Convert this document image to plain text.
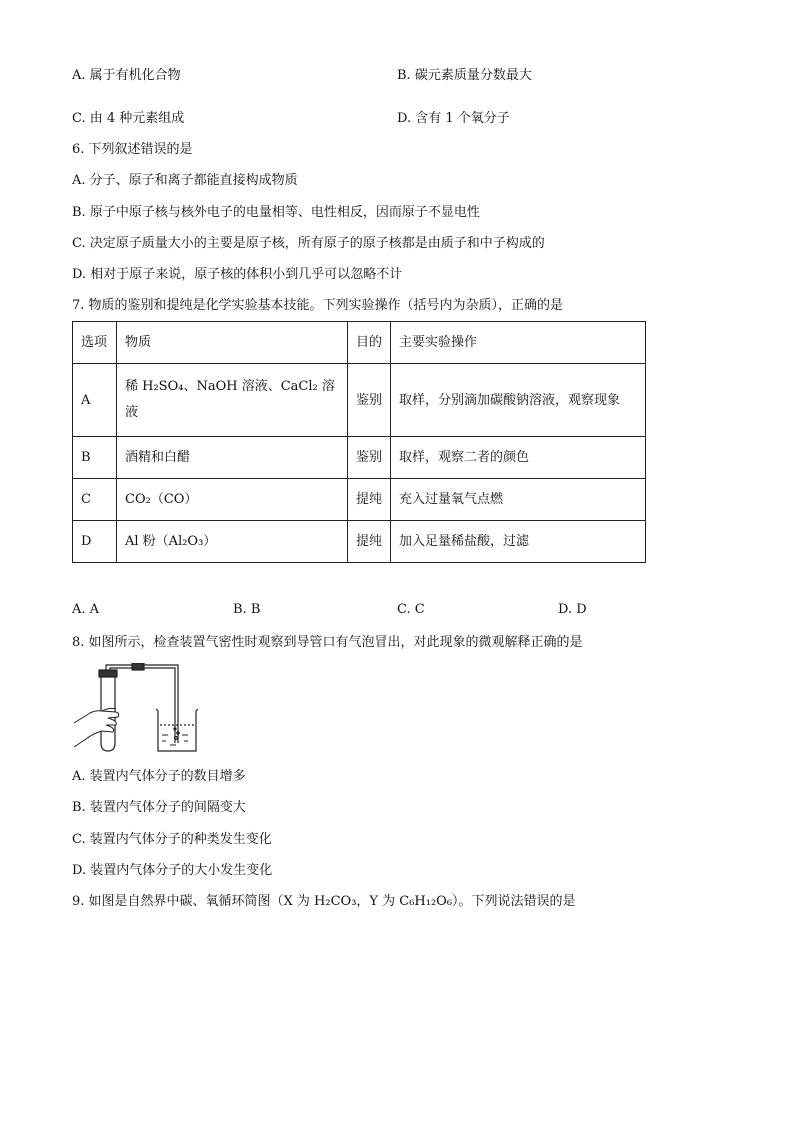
A. 属于有机化合物	B. 碳元素质量分数最大
C. 由 4 种元素组成	D. 含有 1 个氧分子
6. 下列叙述错误的是
A. 分子、原子和离子都能直接构成物质
B. 原子中原子核与核外电子的电量相等、电性相反，因而原子不显电性
C. 决定原子质量大小的主要是原子核，所有原子的原子核都是由质子和中子构成的
D. 相对于原子来说，原子核的体积小到几乎可以忽略不计
7. 物质的鉴别和提纯是化学实验基本技能。下列实验操作（括号内为杂质），正确的是
选项	物质	目的	主要实验操作
A	稀 H₂SO₄、NaOH 溶液、CaCl₂ 溶液	鉴别	取样，分别滴加碳酸钠溶液，观察现象
B	酒精和白醋	鉴别	取样，观察二者的颜色
C	CO₂（CO）	提纯	充入过量氧气点燃
D	Al 粉（Al₂O₃）	提纯	加入足量稀盐酸，过滤
A. A	B. B	C. C	D. D
8. 如图所示，检查装置气密性时观察到导管口有气泡冒出，对此现象的微观解释正确的是
A. 装置内气体分子的数目增多
B. 装置内气体分子的间隔变大
C. 装置内气体分子的种类发生变化
D. 装置内气体分子的大小发生变化
9. 如图是自然界中碳、氧循环简图（X 为 H₂CO₃，Y 为 C₆H₁₂O₆）。下列说法错误的是
